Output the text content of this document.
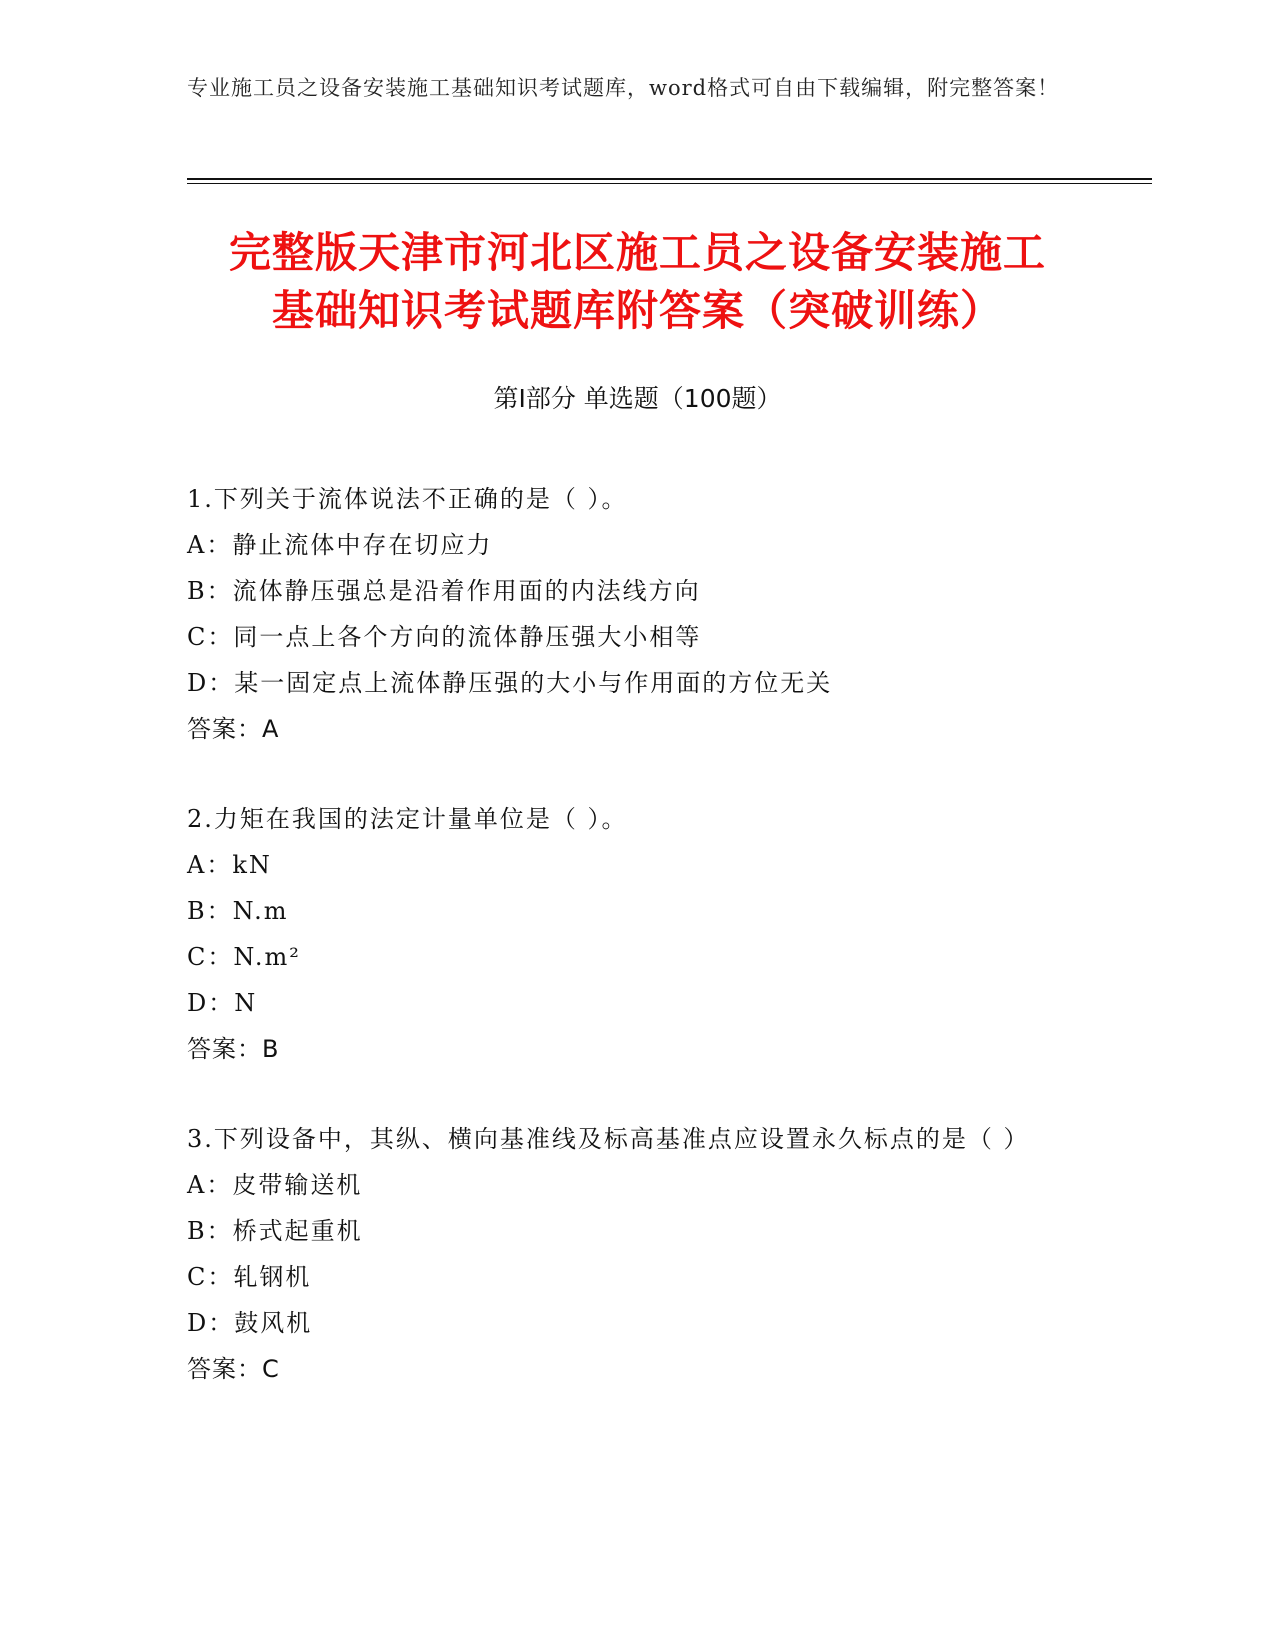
专业施工员之设备安装施工基础知识考试题库，word格式可自由下载编辑，附完整答案！
完整版天津市河北区施工员之设备安装施工
基础知识考试题库附答案（突破训练）
第Ⅰ部分 单选题（100题）
1.下列关于流体说法不正确的是（ ）。
A：静止流体中存在切应力
B：流体静压强总是沿着作用面的内法线方向
C：同一点上各个方向的流体静压强大小相等
D：某一固定点上流体静压强的大小与作用面的方位无关
答案：A
2.力矩在我国的法定计量单位是（ ）。
A：kN
B：N.m
C：N.m²
D：N
答案：B
3.下列设备中，其纵、横向基准线及标高基准点应设置永久标点的是（ ）
A：皮带输送机
B：桥式起重机
C：轧钢机
D：鼓风机
答案：C
